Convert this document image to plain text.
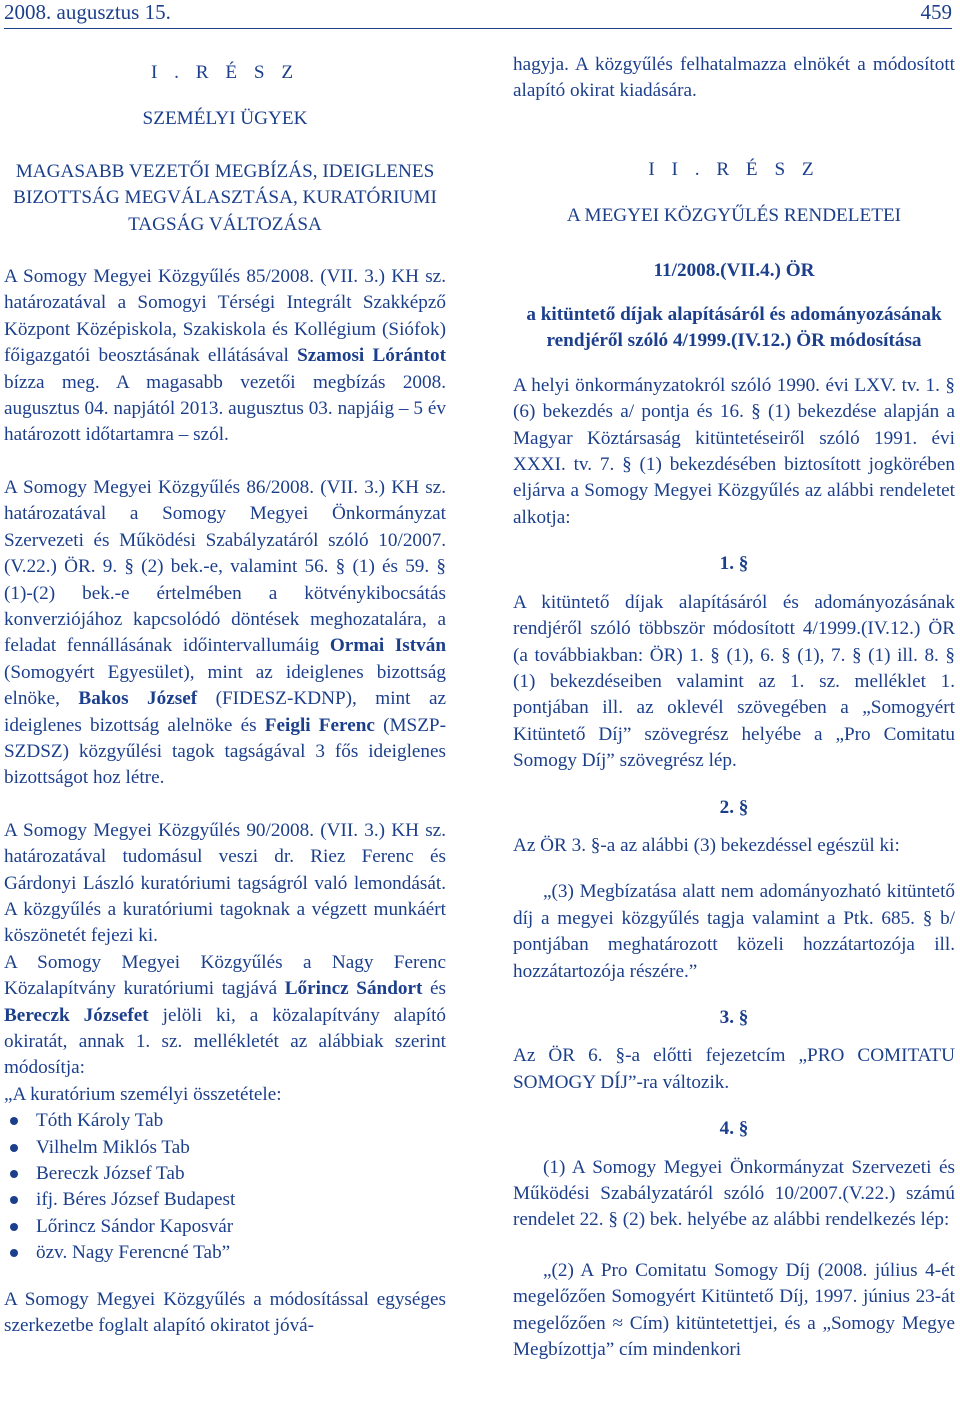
2008. augusztus 15.	459

I . R É S Z

SZEMÉLYI ÜGYEK

MAGASABB VEZETŐI MEGBÍZÁS, IDEIGLENES BIZOTTSÁG MEGVÁLASZTÁSA, KURATÓRIUMI TAGSÁG VÁLTOZÁSA

A Somogy Megyei Közgyűlés 85/2008. (VII. 3.) KH sz. határozatával a Somogyi Térségi Integrált Szakképző Központ Középiskola, Szakiskola és Kollégium (Siófok) főigazgatói beosztásának ellátásával Szamosi Lórántot bízza meg. A magasabb vezetői megbízás 2008. augusztus 04. napjától 2013. augusztus 03. napjáig – 5 év határozott időtartamra – szól.

A Somogy Megyei Közgyűlés 86/2008. (VII. 3.) KH sz. határozatával a Somogy Megyei Önkormányzat Szervezeti és Működési Szabályzatáról szóló 10/2007.(V.22.) ÖR. 9. § (2) bek.-e, valamint 56. § (1) és 59. § (1)-(2) bek.-e értelmében a kötvénykibocsátás konverziójához kapcsolódó döntések meghozatalára, a feladat fennállásának időintervallumáig Ormai István (Somogyért Egyesület), mint az ideiglenes bizottság elnöke, Bakos József (FIDESZ-KDNP), mint az ideiglenes bizottság alelnöke és Feigli Ferenc (MSZP-SZDSZ) közgyűlési tagok tagságával 3 fős ideiglenes bizottságot hoz létre.

A Somogy Megyei Közgyűlés 90/2008. (VII. 3.) KH sz. határozatával tudomásul veszi dr. Riez Ferenc és Gárdonyi László kuratóriumi tagságról való lemondását. A közgyűlés a kuratóriumi tagoknak a végzett munkáért köszönetét fejezi ki.

A Somogy Megyei Közgyűlés a Nagy Ferenc Közalapítvány kuratóriumi tagjává Lőrincz Sándort és Bereczk Józsefet jelöli ki, a közalapítvány alapító okiratát, annak 1. sz. mellékletét az alábbiak szerint módosítja:

„A kuratórium személyi összetétele:

Tóth Károly Tab
Vilhelm Miklós Tab
Bereczk József Tab
ifj. Béres József Budapest
Lőrincz Sándor Kaposvár
özv. Nagy Ferencné Tab”

A Somogy Megyei Közgyűlés a módosítással egységes szerkezetbe foglalt alapító okiratot jóvá-

hagyja. A közgyűlés felhatalmazza elnökét a módosított alapító okirat kiadására.

I I . R É S Z

A MEGYEI KÖZGYŰLÉS RENDELETEI

11/2008.(VII.4.) ÖR

a kitüntető díjak alapításáról és adományozásának rendjéről szóló 4/1999.(IV.12.) ÖR módosítása

A helyi önkormányzatokról szóló 1990. évi LXV. tv. 1. § (6) bekezdés a/ pontja és 16. § (1) bekezdése alapján a Magyar Köztársaság kitüntetéseiről szóló 1991. évi XXXI. tv. 7. § (1) bekezdésében biztosított jogkörében eljárva a Somogy Megyei Közgyűlés az alábbi rendeletet alkotja:

1. §

A kitüntető díjak alapításáról és adományozásának rendjéről szóló többször módosított 4/1999.(IV.12.) ÖR (a továbbiakban: ÖR) 1. § (1), 6. § (1), 7. § (1) ill. 8. § (1) bekezdéseiben valamint az 1. sz. melléklet 1. pontjában ill. az oklevél szövegében a „Somogyért Kitüntető Díj” szövegrész helyébe a „Pro Comitatu Somogy Díj” szövegrész lép.

2. §

Az ÖR 3. §-a az alábbi (3) bekezdéssel egészül ki:

„(3) Megbízatása alatt nem adományozható kitüntető díj a megyei közgyűlés tagja valamint a Ptk. 685. § b/ pontjában meghatározott közeli hozzátartozója ill. hozzátartozója részére.”

3. §

Az ÖR 6. §-a előtti fejezetcím „PRO COMITATU SOMOGY DÍJ”-ra változik.

4. §

(1) A Somogy Megyei Önkormányzat Szervezeti és Működési Szabályzatáról szóló 10/2007.(V.22.) számú rendelet 22. § (2) bek. helyébe az alábbi rendelkezés lép:

„(2) A Pro Comitatu Somogy Díj (2008. július 4-ét megelőzően Somogyért Kitüntető Díj, 1997. június 23-át megelőzően ≈ Cím) kitüntetettjei, és a „Somogy Megye Megbízottja” cím mindenkori
